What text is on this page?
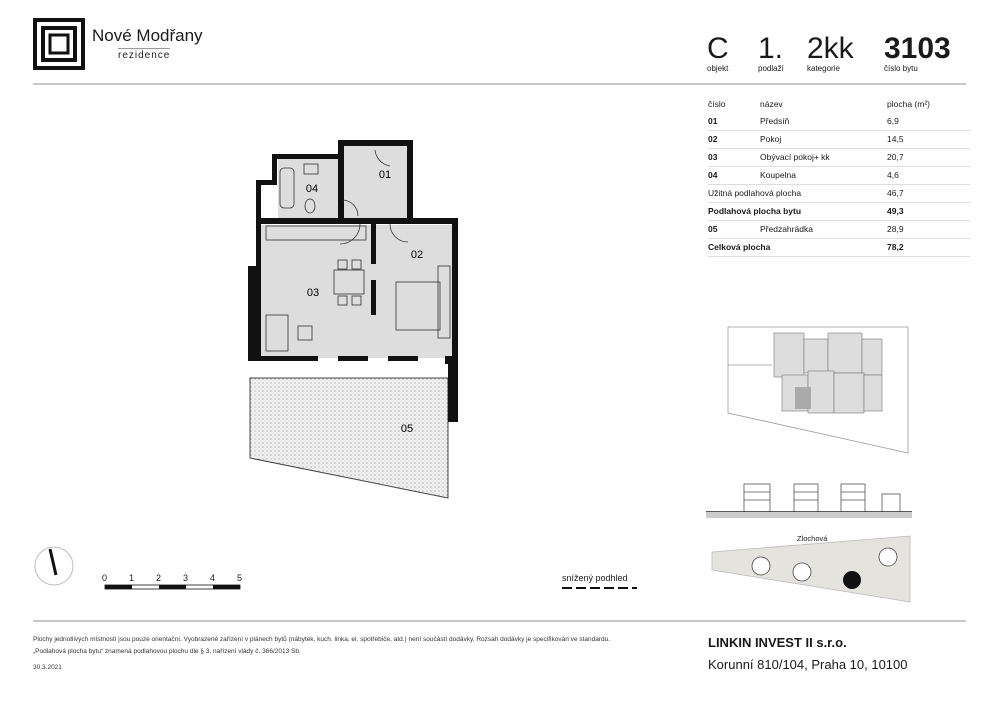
Nové Modřany
rezidence	C
objekt
1.
podlaží
2kk
kategorie
3103
číslo bytu
číslo	název	plocha (m²)
01	Předsíň	6,9
02	Pokoj	14,5
03	Obývací pokoj+ kk	20,7
04	Koupelna	4,6
Užitná podlahová plocha	46,7
Podlahová plocha bytu	49,3
05	Předzahrádka	28,9
Celková plocha	78,2
04
01
03
02
05
Zlochová
0 1 2 3 4 5	snížený podhled
Plochy jednotlivých místností jsou pouze orientační. Vyobrazené zařízení v plánech bytů (nábytek, kuch. linka, el. spotřebiče, atd.) není součástí dodávky. Rozsah dodávky je specifikován ve standardu.
„Podlahová plocha bytu“ znamená podlahovou plochu dle § 3, nařízení vlády č. 366/2013 Sb.
30.3.2021
LINKIN INVEST II s.r.o.
Korunní 810/104, Praha 10, 10100
